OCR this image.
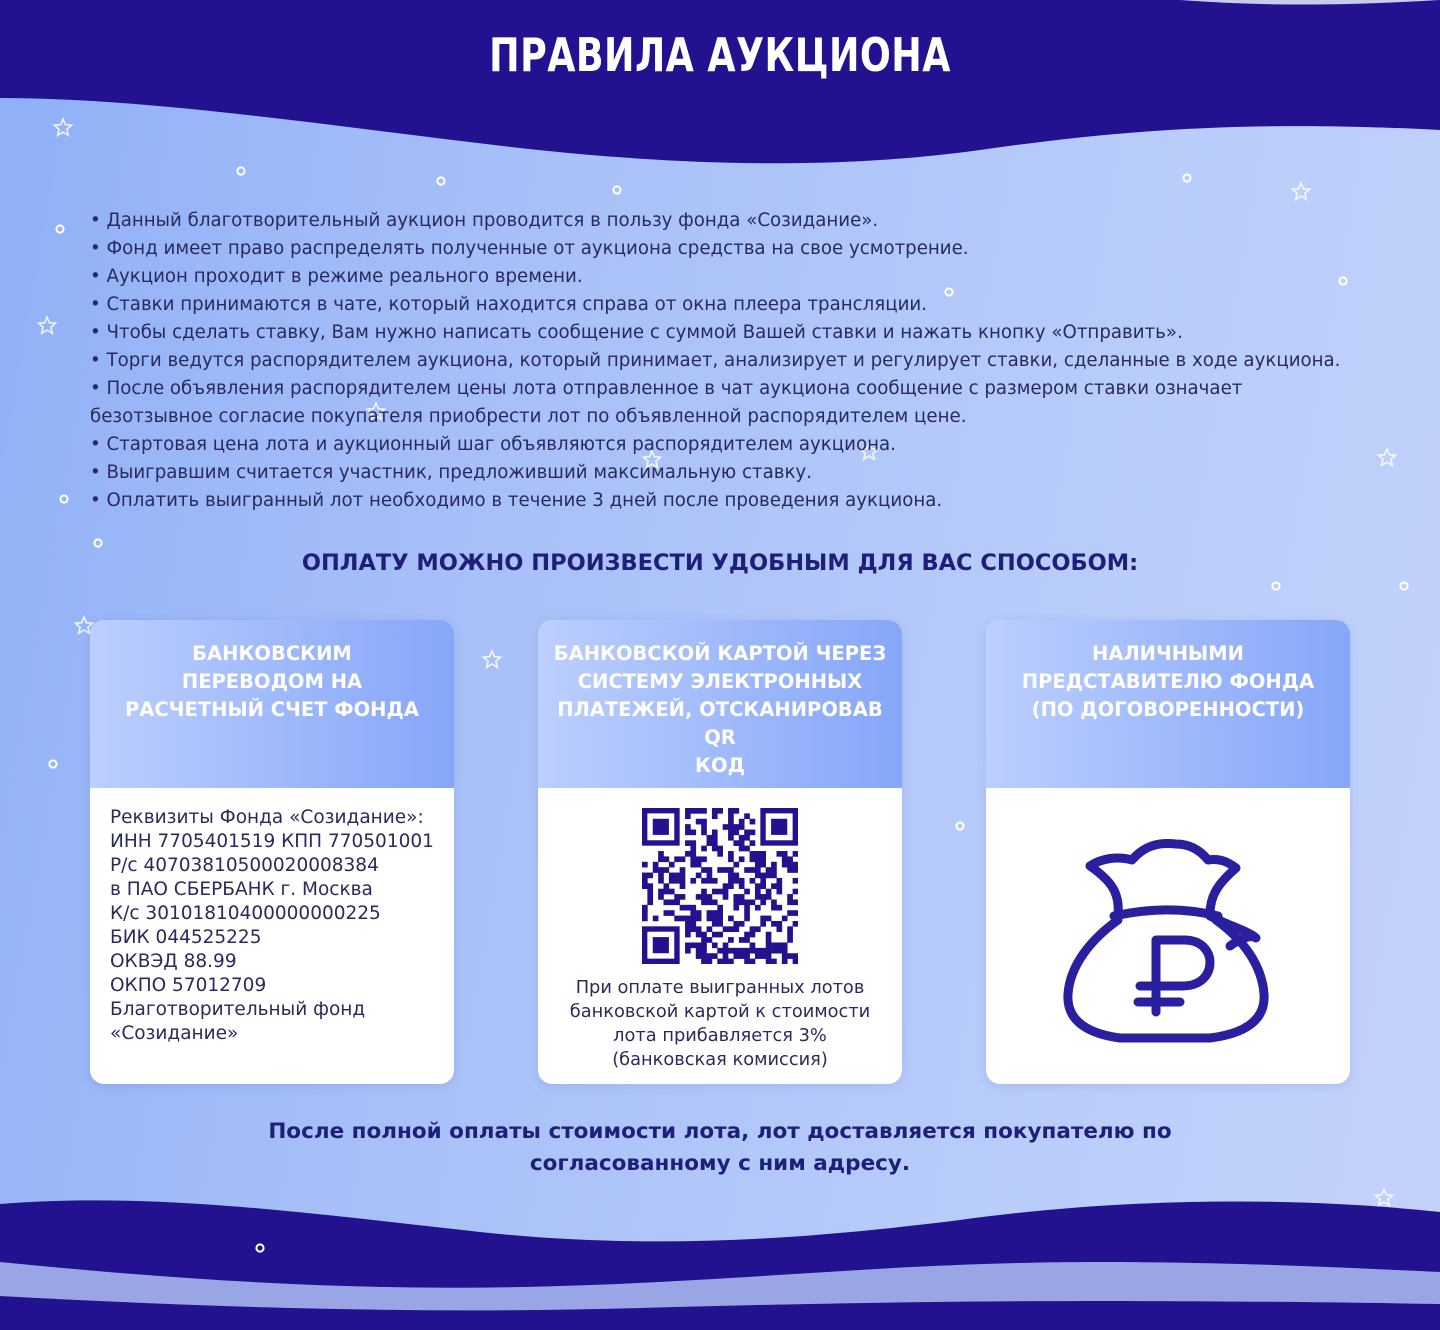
ПРАВИЛА АУКЦИОНА
• Данный благотворительный аукцион проводится в пользу фонда «Созидание».
• Фонд имеет право распределять полученные от аукциона средства на свое усмотрение.
• Аукцион проходит в режиме реального времени.
• Ставки принимаются в чате, который находится справа от окна плеера трансляции.
• Чтобы сделать ставку, Вам нужно написать сообщение с суммой Вашей ставки и нажать кнопку «Отправить».
• Торги ведутся распорядителем аукциона, который принимает, анализирует и регулирует ставки, сделанные в ходе аукциона.
• После объявления распорядителем цены лота отправленное в чат аукциона сообщение с размером ставки означает безотзывное согласие покупателя приобрести лот по объявленной распорядителем цене.
• Стартовая цена лота и аукционный шаг объявляются распорядителем аукциона.
• Выигравшим считается участник, предложивший максимальную ставку.
• Оплатить выигранный лот необходимо в течение 3 дней после проведения аукциона.
ОПЛАТУ МОЖНО ПРОИЗВЕСТИ УДОБНЫМ ДЛЯ ВАС СПОСОБОМ:
БАНКОВСКИМ
ПЕРЕВОДОМ НА
РАСЧЕТНЫЙ СЧЕТ ФОНДА
Реквизиты Фонда «Созидание»:
ИНН 7705401519 КПП 770501001
Р/с 40703810500020008384
в ПАО СБЕРБАНК г. Москва
К/с 30101810400000000225
БИК 044525225
ОКВЭД 88.99
ОКПО 57012709
Благотворительный фонд
«Созидание»
БАНКОВСКОЙ КАРТОЙ ЧЕРЕЗ
СИСТЕМУ ЭЛЕКТРОННЫХ
ПЛАТЕЖЕЙ, ОТСКАНИРОВАВ QR
КОД
При оплате выигранных лотов
банковской картой к стоимости
лота прибавляется 3%
(банковская комиссия)
НАЛИЧНЫМИ
ПРЕДСТАВИТЕЛЮ ФОНДА
(ПО ДОГОВОРЕННОСТИ)
После полной оплаты стоимости лота, лот доставляется покупателю по
согласованному с ним адресу.
